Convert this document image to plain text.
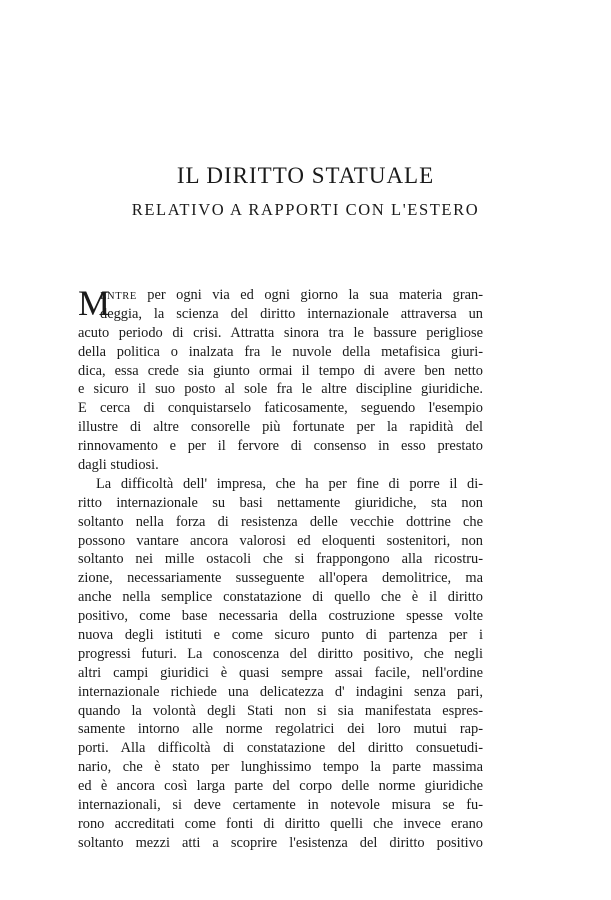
IL DIRITTO STATUALE
RELATIVO A RAPPORTI CON L'ESTERO
M
ENTRE per ogni via ed ogni giorno la sua materia gran-
deggia, la scienza del diritto internazionale attraversa un
acuto periodo di crisi. Attratta sinora tra le bassure perigliose
della politica o inalzata fra le nuvole della metafisica giuri-
dica, essa crede sia giunto ormai il tempo di avere ben netto
e sicuro il suo posto al sole fra le altre discipline giuridiche.
E cerca di conquistarselo faticosamente, seguendo l'esempio
illustre di altre consorelle più fortunate per la rapidità del
rinnovamento e per il fervore di consenso in esso prestato
dagli studiosi.
La difficoltà dell' impresa, che ha per fine di porre il di-
ritto internazionale su basi nettamente giuridiche, sta non
soltanto nella forza di resistenza delle vecchie dottrine che
possono vantare ancora valorosi ed eloquenti sostenitori, non
soltanto nei mille ostacoli che si frappongono alla ricostru-
zione, necessariamente susseguente all'opera demolitrice, ma
anche nella semplice constatazione di quello che è il diritto
positivo, come base necessaria della costruzione spesse volte
nuova degli istituti e come sicuro punto di partenza per i
progressi futuri. La conoscenza del diritto positivo, che negli
altri campi giuridici è quasi sempre assai facile, nell'ordine
internazionale richiede una delicatezza d' indagini senza pari,
quando la volontà degli Stati non si sia manifestata espres-
samente intorno alle norme regolatrici dei loro mutui rap-
porti. Alla difficoltà di constatazione del diritto consuetudi-
nario, che è stato per lunghissimo tempo la parte massima
ed è ancora così larga parte del corpo delle norme giuridiche
internazionali, si deve certamente in notevole misura se fu-
rono accreditati come fonti di diritto quelli che invece erano
soltanto mezzi atti a scoprire l'esistenza del diritto positivo
